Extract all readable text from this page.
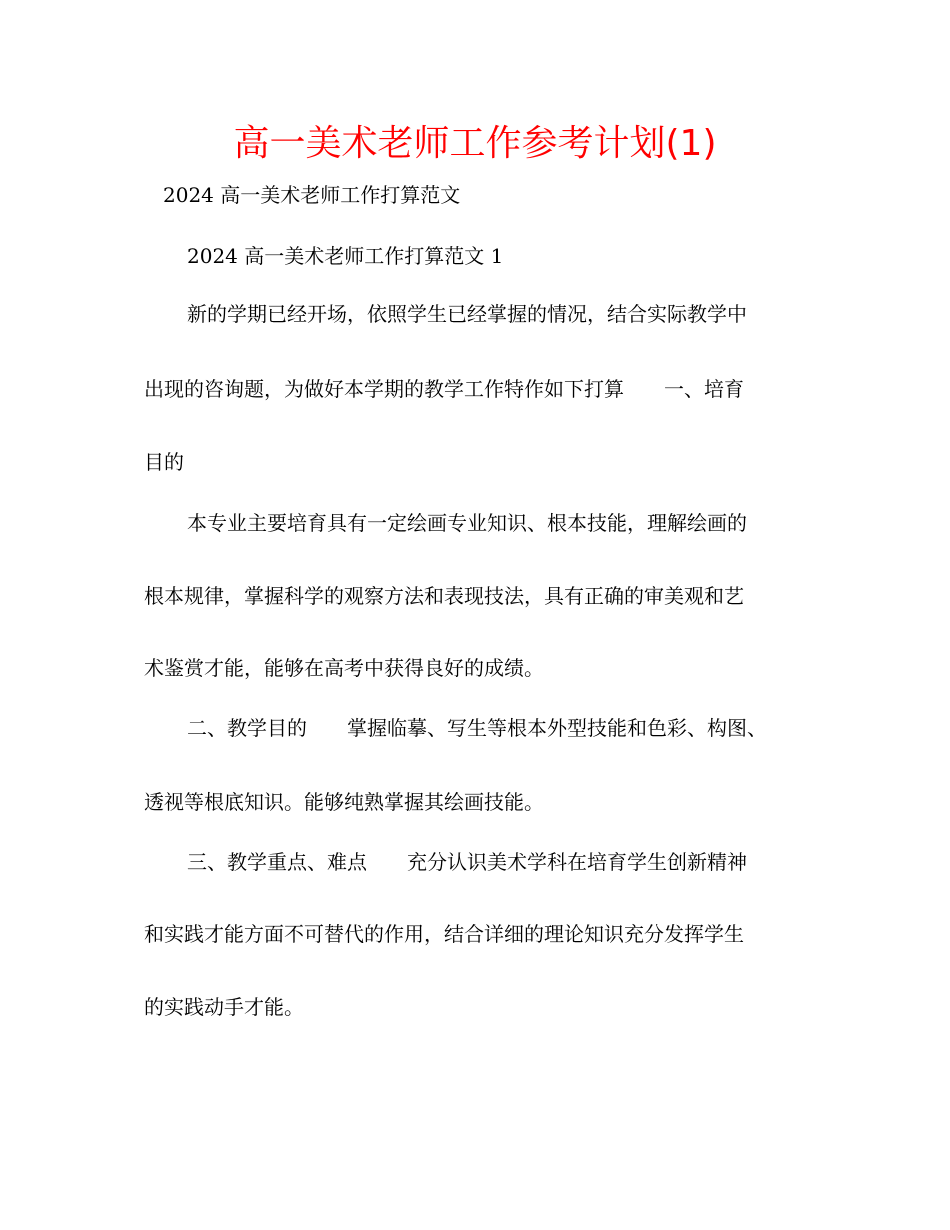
高一美术老师工作参考计划(1)
2024 高一美术老师工作打算范文
2024 高一美术老师工作打算范文 1
新的学期已经开场，依照学生已经掌握的情况，结合实际教学中
出现的咨询题，为做好本学期的教学工作特作如下打算　　一、培育
目的
本专业主要培育具有一定绘画专业知识、根本技能，理解绘画的
根本规律，掌握科学的观察方法和表现技法，具有正确的审美观和艺
术鉴赏才能，能够在高考中获得良好的成绩。
二、教学目的　　掌握临摹、写生等根本外型技能和色彩、构图、
透视等根底知识。能够纯熟掌握其绘画技能。
三、教学重点、难点　　充分认识美术学科在培育学生创新精神
和实践才能方面不可替代的作用，结合详细的理论知识充分发挥学生
的实践动手才能。
